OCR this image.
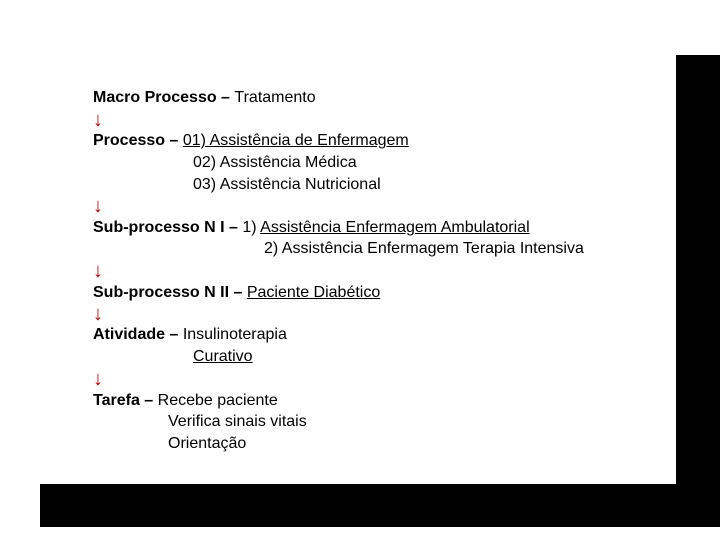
Macro Processo – Tratamento
↓
Processo – 01) Assistência de Enfermagem
02) Assistência Médica
03) Assistência Nutricional
↓
Sub-processo N I – 1) Assistência Enfermagem Ambulatorial
2) Assistência Enfermagem Terapia Intensiva
↓
Sub-processo N II – Paciente Diabético
↓
Atividade – Insulinoterapia
Curativo
↓
Tarefa – Recebe paciente
Verifica sinais vitais
Orientação
